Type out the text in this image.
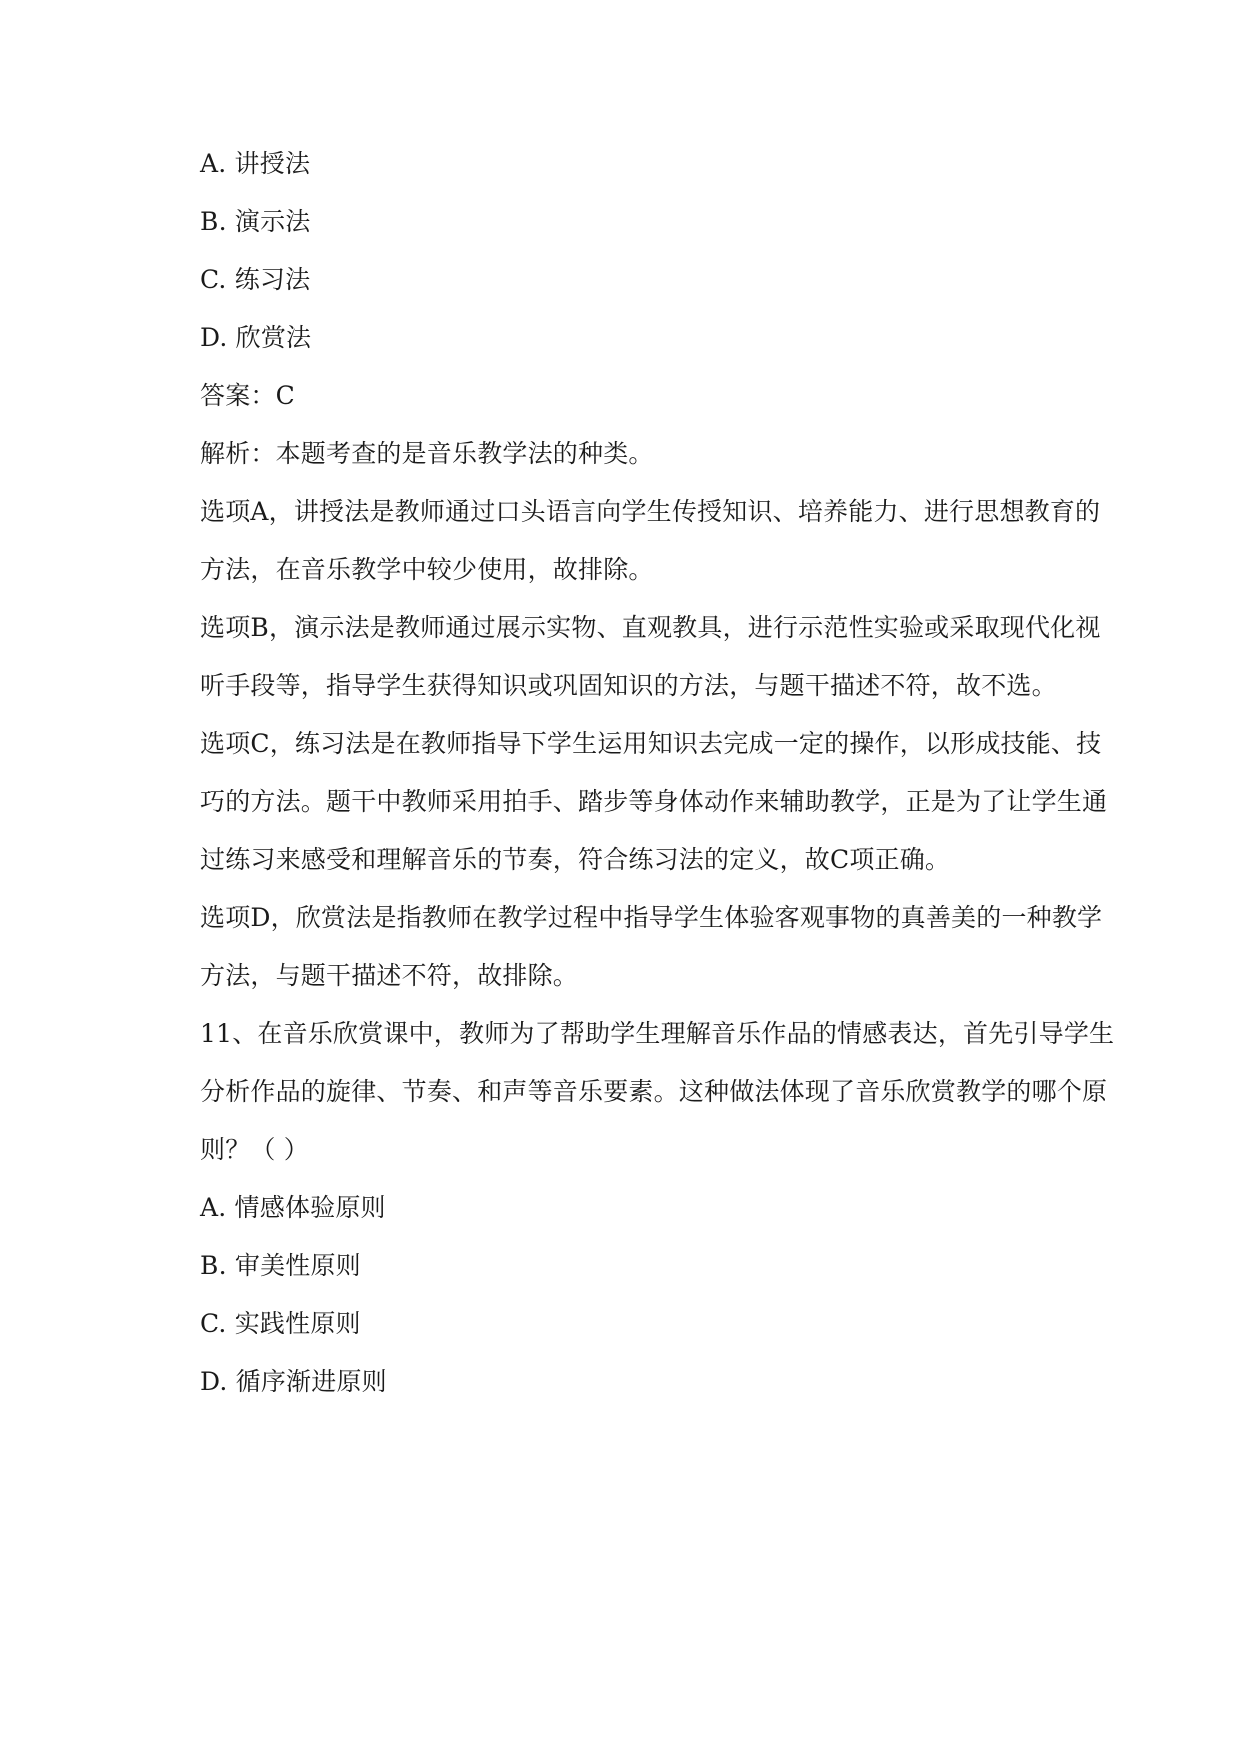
A. 讲授法
B. 演示法
C. 练习法
D. 欣赏法
答案：C
解析：本题考查的是音乐教学法的种类。
选项A，讲授法是教师通过口头语言向学生传授知识、培养能力、进行思想教育的
方法，在音乐教学中较少使用，故排除。
选项B，演示法是教师通过展示实物、直观教具，进行示范性实验或采取现代化视
听手段等，指导学生获得知识或巩固知识的方法，与题干描述不符，故不选。
选项C，练习法是在教师指导下学生运用知识去完成一定的操作，以形成技能、技
巧的方法。题干中教师采用拍手、踏步等身体动作来辅助教学，正是为了让学生通
过练习来感受和理解音乐的节奏，符合练习法的定义，故C项正确。
选项D，欣赏法是指教师在教学过程中指导学生体验客观事物的真善美的一种教学
方法，与题干描述不符，故排除。
11、在音乐欣赏课中，教师为了帮助学生理解音乐作品的情感表达，首先引导学生
分析作品的旋律、节奏、和声等音乐要素。这种做法体现了音乐欣赏教学的哪个原
则？（ ）
A. 情感体验原则
B. 审美性原则
C. 实践性原则
D. 循序渐进原则
